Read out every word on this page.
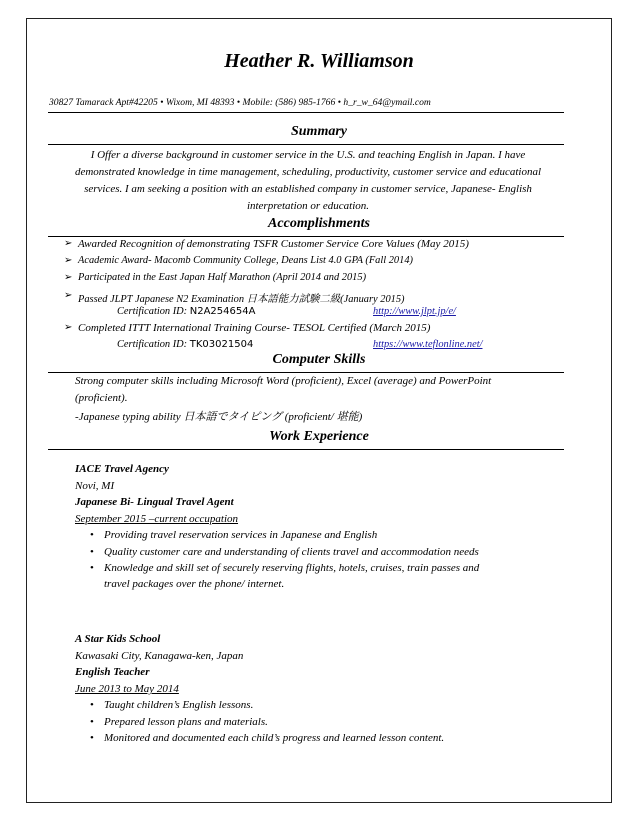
Heather R. Williamson
30827 Tamarack Apt#42205 • Wixom, MI 48393 • Mobile: (586) 985-1766 • h_r_w_64@ymail.com
Summary
I Offer a diverse background in customer service in the U.S. and teaching English in Japan. I have demonstrated knowledge in time management, scheduling, productivity, customer service and educational services. I am seeking a position with an established company in customer service, Japanese- English interpretation or education.
Accomplishments
➢ Awarded Recognition of demonstrating TSFR Customer Service Core Values (May 2015)
➢ Academic Award- Macomb Community College, Deans List 4.0 GPA (Fall 2014)
➢ Participated in the East Japan Half Marathon (April 2014 and 2015)
➢ Passed JLPT Japanese N2 Examination 日本語能力試験二級(January 2015)
Certification ID: N2A254654A	http://www.jlpt.jp/e/
➢ Completed ITTT International Training Course- TESOL Certified (March 2015)
Certification ID: TK03021504	https://www.teflonline.net/
Computer Skills
Strong computer skills including Microsoft Word (proficient), Excel (average) and PowerPoint
(proficient).
-Japanese typing ability 日本語でタイピング (proficient/ 堪能)
Work Experience
IACE Travel Agency
Novi, MI
Japanese Bi- Lingual Travel Agent
September 2015 –current occupation
• Providing travel reservation services in Japanese and English
• Quality customer care and understanding of clients travel and accommodation needs
• Knowledge and skill set of securely reserving flights, hotels, cruises, train passes and
travel packages over the phone/ internet.
A Star Kids School
Kawasaki City, Kanagawa-ken, Japan
English Teacher
June 2013 to May 2014
• Taught children’s English lessons.
• Prepared lesson plans and materials.
• Monitored and documented each child’s progress and learned lesson content.
